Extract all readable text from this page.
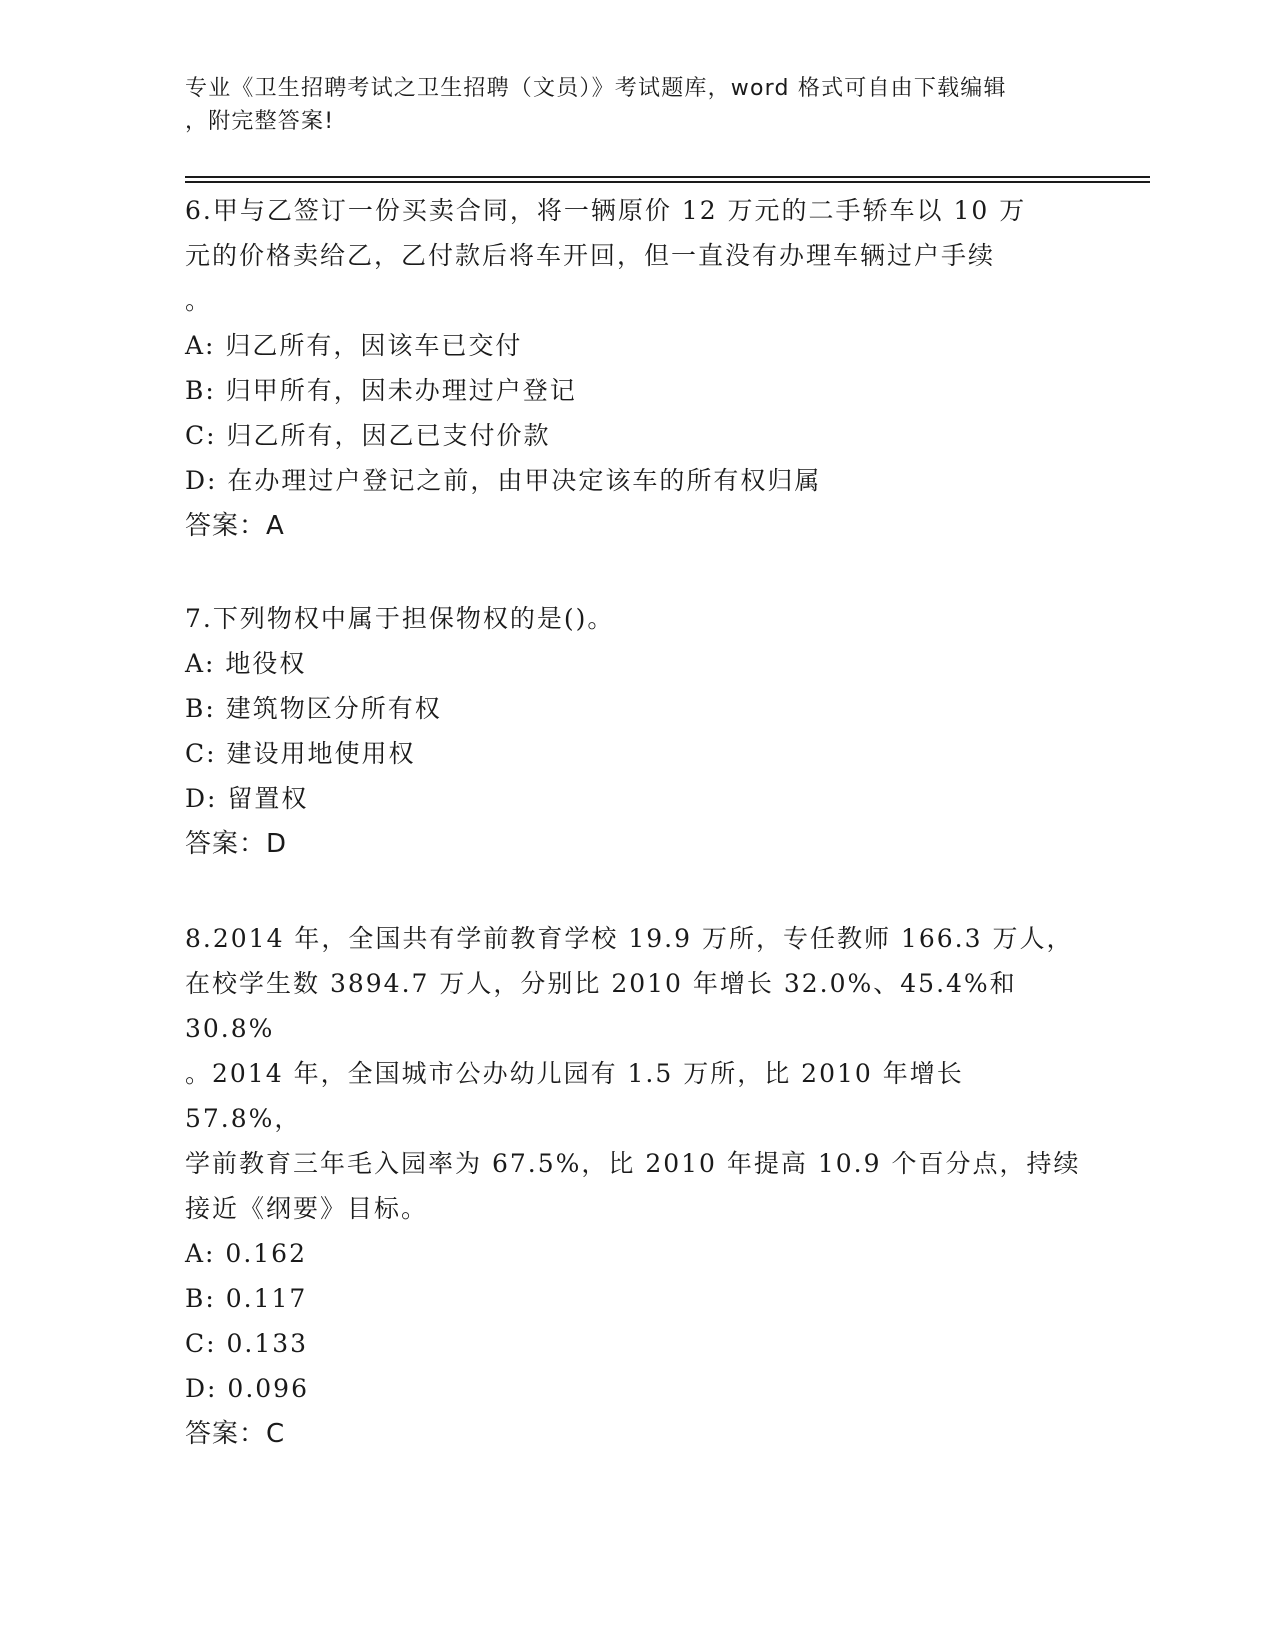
专业《卫生招聘考试之卫生招聘（文员）》考试题库，word 格式可自由下载编辑
，附完整答案!
6.甲与乙签订一份买卖合同，将一辆原价 12 万元的二手轿车以 10 万
元的价格卖给乙，乙付款后将车开回，但一直没有办理车辆过户手续
。
A: 归乙所有，因该车已交付
B: 归甲所有，因未办理过户登记
C: 归乙所有，因乙已支付价款
D: 在办理过户登记之前，由甲决定该车的所有权归属
答案：A
7.下列物权中属于担保物权的是()。
A: 地役权
B: 建筑物区分所有权
C: 建设用地使用权
D: 留置权
答案：D
8.2014 年，全国共有学前教育学校 19.9 万所，专任教师 166.3 万人，
在校学生数 3894.7 万人，分别比 2010 年增长 32.0%、45.4%和 30.8%
。2014 年，全国城市公办幼儿园有 1.5 万所，比 2010 年增长 57.8%，
学前教育三年毛入园率为 67.5%，比 2010 年提高 10.9 个百分点，持续
接近《纲要》目标。
A: 0.162
B: 0.117
C: 0.133
D: 0.096
答案：C
